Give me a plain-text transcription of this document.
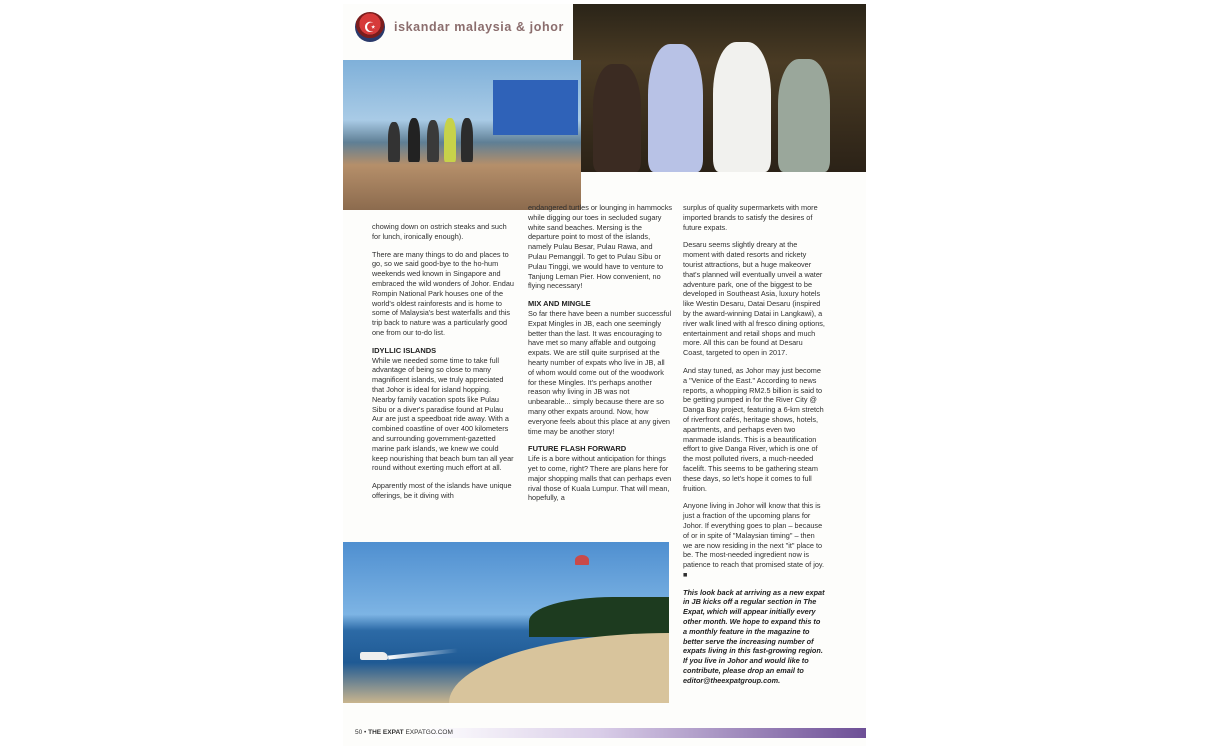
☪	iskandar malaysia & johor

chowing down on ostrich steaks and such for lunch, ironically enough).

There are many things to do and places to go, so we said good-bye to the ho-hum weekends wed known in Singapore and embraced the wild wonders of Johor. Endau Rompin National Park houses one of the world's oldest rainforests and is home to some of Malaysia's best waterfalls and this trip back to nature was a particularly good one from our to-do list.

IDYLLIC ISLANDS

While we needed some time to take full advantage of being so close to many magnificent islands, we truly appreciated that Johor is ideal for island hopping. Nearby family vacation spots like Pulau Sibu or a diver's paradise found at Pulau Aur are just a speedboat ride away. With a combined coastline of over 400 kilometers and surrounding government-gazetted marine park islands, we knew we could keep nourishing that beach bum tan all year round without exerting much effort at all.

Apparently most of the islands have unique offerings, be it diving with

endangered turtles or lounging in hammocks while digging our toes in secluded sugary white sand beaches. Mersing is the departure point to most of the islands, namely Pulau Besar, Pulau Rawa, and Pulau Pemanggil. To get to Pulau Sibu or Pulau Tinggi, we would have to venture to Tanjung Leman Pier. How convenient, no flying necessary!

MIX AND MINGLE

So far there have been a number successful Expat Mingles in JB, each one seemingly better than the last. It was encouraging to have met so many affable and outgoing expats. We are still quite surprised at the hearty number of expats who live in JB, all of whom would come out of the woodwork for these Mingles. It's perhaps another reason why living in JB was not unbearable... simply because there are so many other expats around. Now, how everyone feels about this place at any given time may be another story!

FUTURE FLASH FORWARD

Life is a bore without anticipation for things yet to come, right? There are plans here for major shopping malls that can perhaps even rival those of Kuala Lumpur. That will mean, hopefully, a

surplus of quality supermarkets with more imported brands to satisfy the desires of future expats.

Desaru seems slightly dreary at the moment with dated resorts and rickety tourist attractions, but a huge makeover that's planned will eventually unveil a water adventure park, one of the biggest to be developed in Southeast Asia, luxury hotels like Westin Desaru, Datai Desaru (inspired by the award-winning Datai in Langkawi), a river walk lined with al fresco dining options, entertainment and retail shops and much more. All this can be found at Desaru Coast, targeted to open in 2017.

And stay tuned, as Johor may just become a "Venice of the East." According to news reports, a whopping RM2.5 billion is said to be getting pumped in for the River City @ Danga Bay project, featuring a 6-km stretch of riverfront cafés, heritage shows, hotels, apartments, and perhaps even two manmade islands. This is a beautification effort to give Danga River, which is one of the most polluted rivers, a much-needed facelift. This seems to be gathering steam these days, so let's hope it comes to full fruition.

Anyone living in Johor will know that this is just a fraction of the upcoming plans for Johor. If everything goes to plan – because of or in spite of "Malaysian timing" – then we are now residing in the next "it" place to be. The most-needed ingredient now is patience to reach that promised state of joy. ■

This look back at arriving as a new expat in JB kicks off a regular section in The Expat, which will appear initially every other month. We hope to expand this to a monthly feature in the magazine to better serve the increasing number of expats living in this fast-growing region. If you live in Johor and would like to contribute, please drop an email to editor@theexpatgroup.com.

50 • THE EXPAT EXPATGO.COM
